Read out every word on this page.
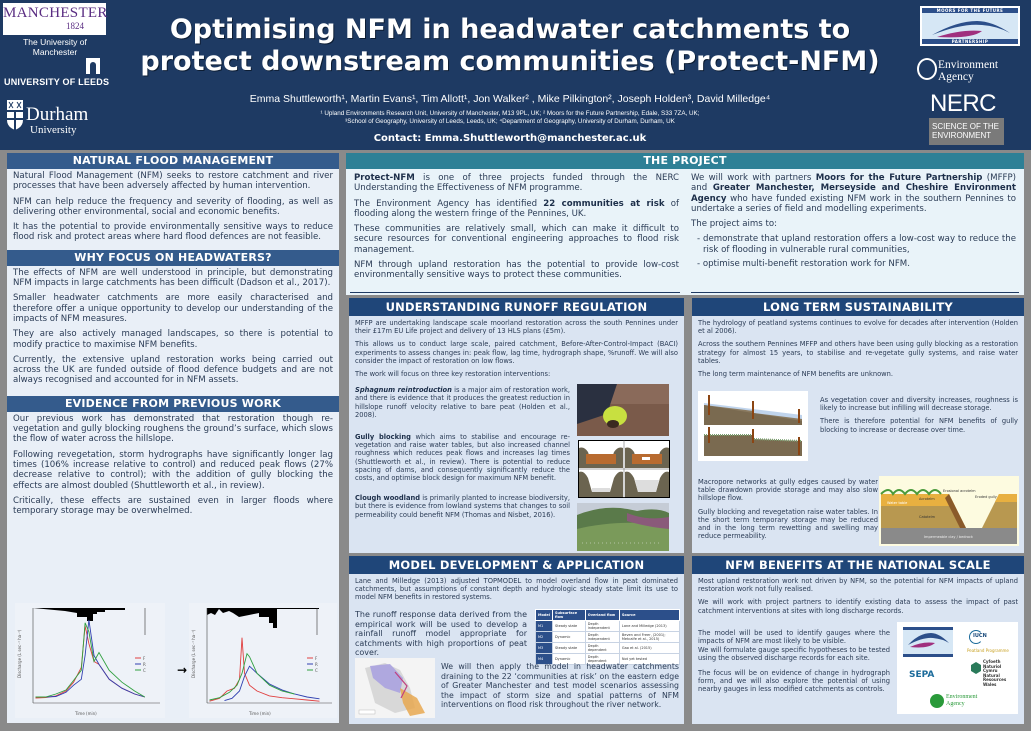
MANCHESTER
1824
The University of Manchester
UNIVERSITY OF LEEDS
Durham
University
Optimising NFM in headwater catchments to
protect downstream communities (Protect-NFM)
Emma Shuttleworth¹, Martin Evans¹, Tim Allott¹, Jon Walker² , Mike Pilkington², Joseph Holden³, David Milledge⁴
¹ Upland Environments Research Unit, University of Manchester, M13 9PL, UK; ² Moors for the Future Partnership, Edale, S33 7ZA, UK;
³School of Geography, University of Leeds, Leeds, UK; ⁴Department of Geography, University of Durham, Durham, UK
Contact: Emma.Shuttleworth@manchester.ac.uk
MOORS FOR THE FUTURE
PARTNERSHIP
Environment
Agency
NERC
SCIENCE OF THE
ENVIRONMENT
NATURAL FLOOD MANAGEMENT

Natural Flood Management (NFM) seeks to restore catchment and river processes that have been adversely affected by human intervention.

NFM can help reduce the frequency and severity of flooding, as well as delivering other environmental, social and economic benefits.

It has the potential to provide environmentally sensitive ways to reduce flood risk and protect areas where hard flood defences are not feasible.

WHY FOCUS ON HEADWATERS?

The effects of NFM are well understood in principle, but demonstrating NFM impacts in large catchments has been difficult (Dadson et al., 2017).

Smaller headwater catchments are more easily characterised and therefore offer a unique opportunity to develop our understanding of the impacts of NFM measures.

They are also actively managed landscapes, so there is potential to modify practice to maximise NFM benefits.

Currently, the extensive upland restoration works being carried out across the UK are funded outside of flood defence budgets and are not always recognised and accounted for in NFM assets.

EVIDENCE FROM PREVIOUS WORK

Our previous work has demonstrated that restoration though re-vegetation and gully blocking roughens the ground’s surface, which slows the flow of water across the hillslope.

Following revegetation, storm hydrographs have significantly longer lag times (106% increase relative to control) and reduced peak flows (27% decrease relative to control); with the addition of gully blocking the effects are almost doubled (Shuttleworth et al., in review).

Critically, these effects are sustained even in larger floods where temporary storage may be overwhelmed.

Time (min)
Discharge (L sec⁻¹ ha⁻¹)	F
R
C	→
Time (min)
Discharge (L sec⁻¹ ha⁻¹)	F
R
C
THE PROJECT

Protect-NFM is one of three projects funded through the NERC Understanding the Effectiveness of NFM programme.

The Environment Agency has identified 22 communities at risk of flooding along the western fringe of the Pennines, UK.

These communities are relatively small, which can make it difficult to secure resources for conventional engineering approaches to flood risk management.

NFM through upland restoration has the potential to provide low-cost environmentally sensitive ways to protect these communities.

We will work with partners Moors for the Future Partnership (MFFP) and Greater Manchester, Merseyside and Cheshire Environment Agency who have funded existing NFM work in the southern Pennines to undertake a series of field and modelling experiments.

The project aims to:

- demonstrate that upland restoration offers a low-cost way to reduce the risk of flooding in vulnerable rural communities,
- optimise multi-benefit restoration work for NFM.
UNDERSTANDING RUNOFF REGULATION

MFFP are undertaking landscape scale moorland restoration across the south Pennines under their £17m EU Life project and delivery of 13 HLS plans (£5m).

This allows us to conduct large scale, paired catchment, Before-After-Control-Impact (BACI) experiments to assess changes in: peak flow, lag time, hydrograph shape, %runoff. We will also consider the impact of restoration on low flows.

The work will focus on three key restoration interventions:

Sphagnum reintroduction is a major aim of restoration work, and there is evidence that it produces the greatest reduction in hillslope runoff velocity relative to bare peat (Holden et al., 2008).

Gully blocking which aims to stabilise and encourage re-vegetation and raise water tables, but also increased channel roughness which reduces peak flows and increases lag times (Shuttleworth et al., in review). There is potential to reduce spacing of dams, and consequently significantly reduce the costs, and optimise block design for maximum NFM benefit.

Clough woodland is primarily planted to increase biodiversity, but there is evidence from lowland systems that changes to soil permeability could benefit NFM (Thomas and Nisbet, 2016).

LONG TERM SUSTAINABILITY

The hydrology of peatland systems continues to evolve for decades after intervention (Holden et al 2006).

Across the southern Pennines MFFP and others have been using gully blocking as a restoration strategy for almost 15 years, to stabilise and re-vegetate gully systems, and raise water tables.

The long term maintenance of NFM benefits are unknown.

As vegetation cover and diversity increases, roughness is likely to increase but infilling will decrease storage.

There is therefore potential for NFM benefits of gully blocking to increase or decrease over time.

Macropore networks at gully edges caused by water table drawdown provide storage and may also slow hillslope flow.

Gully blocking and revegetation raise water tables. In the short term temporary storage may be reduced and in the long term rewetting and swelling may reduce permeability.

Water table
Acrotelm
Erosional acrotelm
Eroded gully
Catotelm
Impermeable clay / bedrock
MODEL DEVELOPMENT & APPLICATION

Lane and Milledge (2013) adjusted TOPMODEL to model overland flow in peat dominated catchments, but assumptions of constant depth and hydrologic steady state limit its use to model NFM benefits in restored systems.

The runoff response data derived from the empirical work will be used to develop a rainfall runoff model appropriate for catchments with high proportions of peat cover.

Model	Subsurface flow	Overland flow	Source
M1	Steady state	Depth independent	Lane and Milledge (2013)
M2	Dynamic	Depth independent	Beven and Freer, (2001); Metcalfe et al., 2015)
M3	Steady state	Depth dependent	Gao et al. (2015)
M4	Dynamic	Depth dependent	Not yet tested

We will then apply the model in headwater catchments draining to the 22 ‘communities at risk’ on the eastern edge of Greater Manchester and test model scenarios assessing the impact of storm size and spatial patterns of NFM interventions on flood risk throughout the river network.

NFM BENEFITS AT THE NATIONAL SCALE

Most upland restoration work not driven by NFM, so the potential for NFM impacts of upland restoration work not fully realised.

We will work with project partners to identify existing data to assess the impact of past catchment interventions at sites with long discharge records.

The model will be used to identify gauges where the impacts of NFM are most likely to be visible.

We will formulate gauge specific hypotheses to be tested using the observed discharge records for each site.

The focus will be on evidence of change in hydrograph form, and we will also explore the potential of using nearby gauges in less modified catchments as controls.

IUCN
Peatland Programme
SEPA
Cyfoeth Naturiol Cymru
Natural Resources Wales
Environment
Agency
